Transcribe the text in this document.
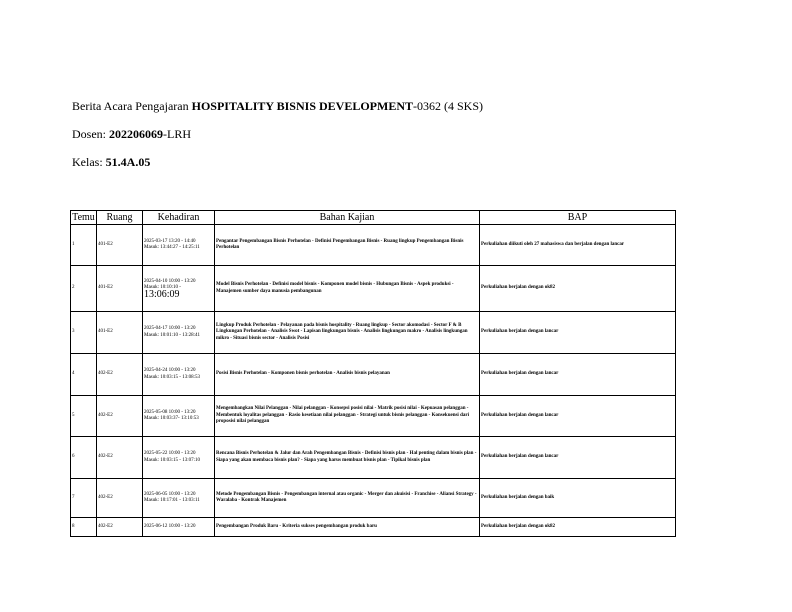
Berita Acara Pengajaran HOSPITALITY BISNIS DEVELOPMENT-0362 (4 SKS)
Dosen: 202206069-LRH
Kelas: 51.4A.05
Temu	Ruang	Kehadiran	Bahan Kajian	BAP
1	401-E2	2025-03-17 13:20 - 14:40
Masuk: 13:44:27 - 14:25:11	Pengantar Pengembangan Bisnis Perhotelan - Definisi Pengembangan Bisnis - Ruang lingkup Pengembangan Bisnis Perhotelan	Perkuliahan diikuti oleh 27 mahasiswa dan berjalan dengan lancar
2	401-E2	2025-04-10 10:00 - 13:20
Masuk: 10:10:10 -
13:06:09	Model Bisnis Perhotelan - Definisi model bisnis - Komponen model bisnis - Hubungan Bisnis - Aspek produksi - Manajemen sumber daya manusia pembangunan	Perkuliahan berjalan dengan ok82
3	401-E2	2025-04-17 10:00 - 13:20
Masuk: 10:01:10 - 13:28:41	Lingkup Produk Perhotelan - Pelayanan pada bisnis hospitality - Ruang lingkup - Sector akomodasi - Sector F & B Lingkungan Perhotelan - Analisis Swot - Lapisan lingkungan bisnis - Analisis lingkungan makro - Analisis lingkungan mikro - Situasi bisnis sector - Analisis Posisi	Perkuliahan berjalan dengan lancar
4	402-E2	2025-04-24 10:00 - 13:20
Masuk: 10:03:15 - 13:08:53	Posisi Bisnis Perhotelan - Komponen bisnis perhotelan - Analisis bisnis pelayanan	Perkuliahan berjalan dengan lancar
5	402-E2	2025-05-08 10:00 - 13:20
Masuk: 10:03:37- 13:10:53	Mengembangkan Nilai Pelanggan - Nilai pelanggan - Konsepsi posisi nilai - Matrik posisi nilai - Kepuasan pelanggan - Membentuk loyalitas pelanggan - Rasio kesetiaan nilai pelanggan - Strategi untuk bisnis pelanggan - Konsekuensi dari proposisi nilai pelanggan	Perkuliahan berjalan dengan lancar
6	402-E2	2025-05-22 10:00 - 13:20
Masuk: 10:03:15 - 13:07:10	Rencana Bisnis Perhotelan & Jalur dan Arah Pengembangan Bisnis - Definisi bisnis plan - Hal penting dalam bisnis plan - Siapa yang akan membaca bisnis plan? - Siapa yang harus membuat bisnis plan - Tipikal bisnis plan	Perkuliahan berjalan dengan lancar
7	402-E2	2025-06-05 10:00 - 13:20
Masuk: 10:17:01 - 13:03:11	Metode Pengembangan Bisnis - Pengembangan internal atau organic - Merger dan akuisisi - Franchise - Aliansi Strategy - Waralaba - Kontrak Manajemen	Perkuliahan berjalan dengan baik
8	402-E2	2025-06-12 10:00 - 13:20	Pengembangan Produk Baru - Kriteria sukses pengembangan produk baru	Perkuliahan berjalan dengan ok82
